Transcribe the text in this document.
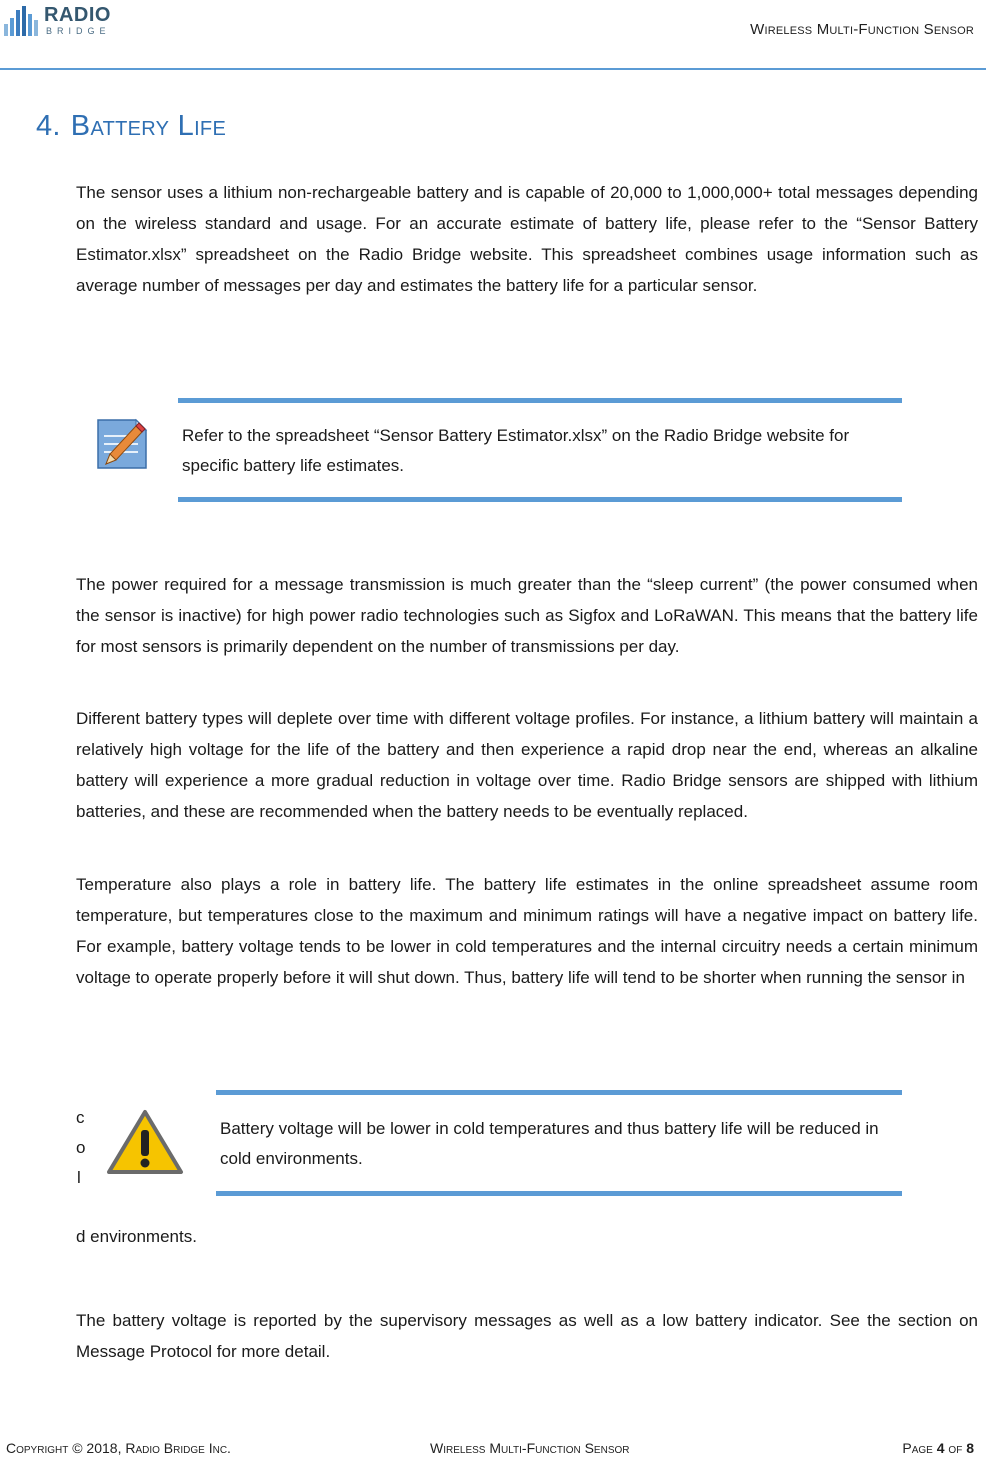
RADIO
BRIDGE	Wireless Multi-Function Sensor
4. Battery Life
The sensor uses a lithium non-rechargeable battery and is capable of 20,000 to 1,000,000+ total messages depending on the wireless standard and usage. For an accurate estimate of battery life, please refer to the “Sensor Battery Estimator.xlsx” spreadsheet on the Radio Bridge website. This spreadsheet combines usage information such as average number of messages per day and estimates the battery life for a particular sensor.
Refer to the spreadsheet “Sensor Battery Estimator.xlsx” on the Radio Bridge website for specific battery life estimates.
The power required for a message transmission is much greater than the “sleep current” (the power consumed when the sensor is inactive) for high power radio technologies such as Sigfox and LoRaWAN. This means that the battery life for most sensors is primarily dependent on the number of transmissions per day.
Different battery types will deplete over time with different voltage profiles. For instance, a lithium battery will maintain a relatively high voltage for the life of the battery and then experience a rapid drop near the end, whereas an alkaline battery will experience a more gradual reduction in voltage over time. Radio Bridge sensors are shipped with lithium batteries, and these are recommended when the battery needs to be eventually replaced.
Temperature also plays a role in battery life. The battery life estimates in the online spreadsheet assume room temperature, but temperatures close to the maximum and minimum ratings will have a negative impact on battery life. For example, battery voltage tends to be lower in cold temperatures and the internal circuitry needs a certain minimum voltage to operate properly before it will shut down. Thus, battery life will tend to be shorter when running the sensor in
c
o
l
Battery voltage will be lower in cold temperatures and thus battery life will be reduced in cold environments.
d environments.
The battery voltage is reported by the supervisory messages as well as a low battery indicator. See the section on Message Protocol for more detail.
Copyright © 2018, Radio Bridge Inc.	Wireless Multi-Function Sensor	Page 4 of 8
